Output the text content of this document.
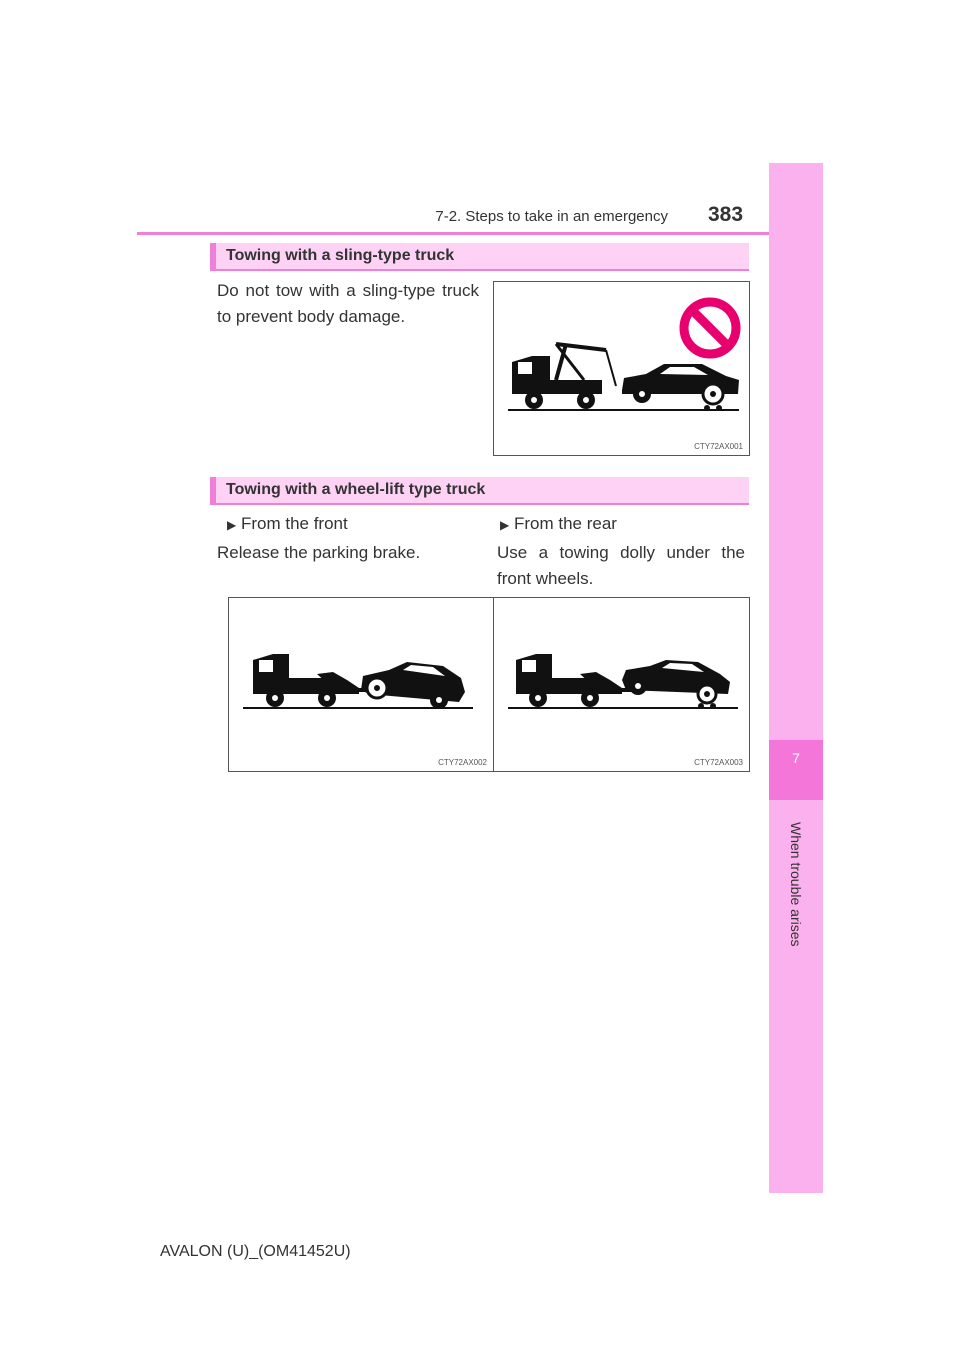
7-2. Steps to take in an emergency 383
7
When trouble arises
Towing with a sling-type truck
Do not tow with a sling-type truck to prevent body damage.
CTY72AX001
Towing with a wheel-lift type truck
▶ From the front
Release the parking brake.
▶ From the rear
Use a towing dolly under the front wheels.
CTY72AX002	CTY72AX003
AVALON (U)_(OM41452U)
